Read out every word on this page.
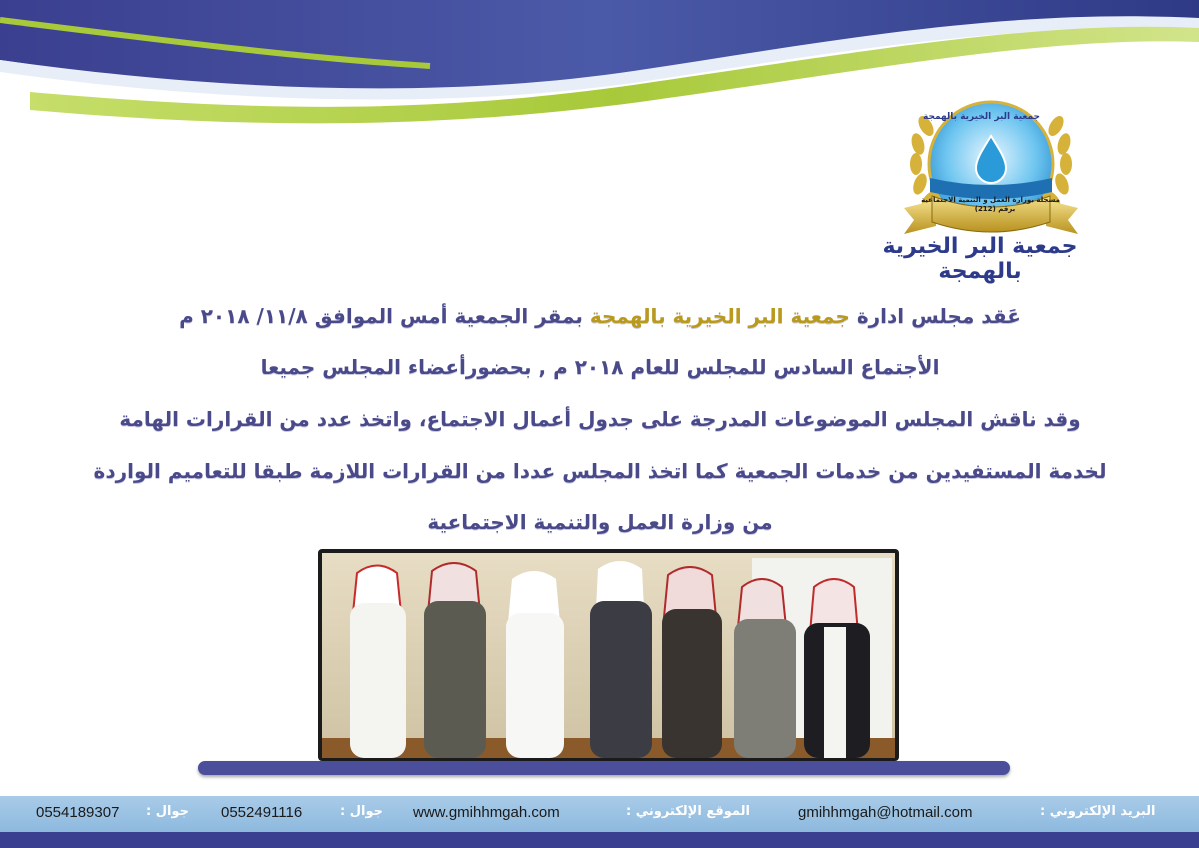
جمعية البر الخيرية بالهمجة
مسجلة بوزارة العمل و التنمية الاجتماعية
برقم (212)
جمعية البر الخيرية بالهمجة
عَقد مجلس ادارة جمعية البر الخيرية بالهمجة بمقر الجمعية أمس الموافق ١١/٨/ ٢٠١٨ م
الأجتماع السادس للمجلس للعام ٢٠١٨ م , بحضورأعضاء المجلس جميعا
وقد ناقش المجلس الموضوعات المدرجة على جدول أعمال الاجتماع، واتخذ عدد من القرارات الهامة
لخدمة المستفيدين من خدمات الجمعية كما اتخذ المجلس عددا من القرارات اللازمة طبقا للتعاميم الواردة
من وزارة العمل والتنمية الاجتماعية
البريد الإلكتروني :
gmihhmgah@hotmail.com
الموقع الإلكتروني :
www.gmihhmgah.com
جوال :
0552491116
جوال :
0554189307
